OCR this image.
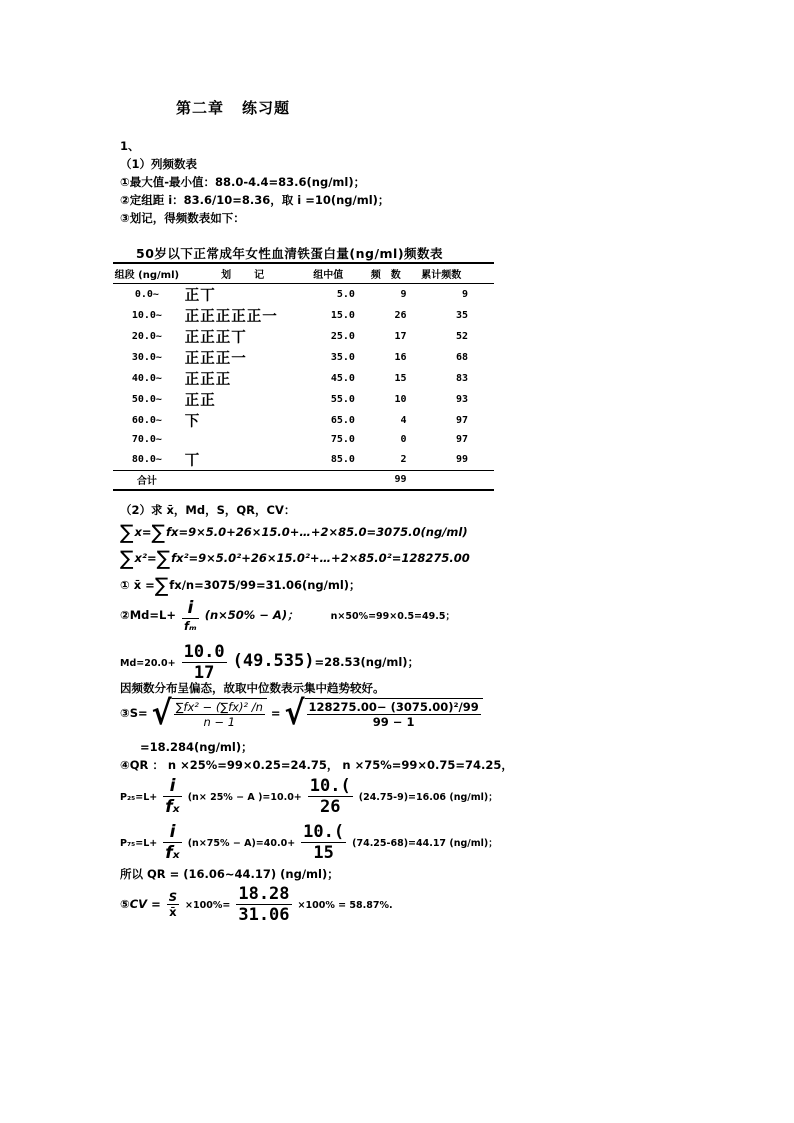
第二章 练习题
1、
（1）列频数表
①最大值-最小值：88.0-4.4=83.6(ng/ml)；
②定组距 i：83.6/10=8.36，取 i =10(ng/ml)；
③划记，得频数表如下：
50岁以下正常成年女性血清铁蛋白量(ng/ml)频数表
组段 (ng/ml)	划　　记	组中值	频　数	累计频数
0.0~	正丅	5.0	9	9
10.0~	正正正正正一	15.0	26	35
20.0~	正正正丅	25.0	17	52
30.0~	正正正一	35.0	16	68
40.0~	正正正	45.0	15	83
50.0~	正正	55.0	10	93
60.0~	下	65.0	4	97
70.0~		75.0	0	97
80.0~	丅	85.0	2	99
合计			99	
（2）求 x̄，Md，S，QR，CV：
∑x=∑fx=9×5.0+26×15.0+…+2×85.0=3075.0(ng/ml)
∑x²=∑fx²=9×5.0²+26×15.0²+…+2×85.0²=128275.00
① x̄ =∑fx/n=3075/99=31.06(ng/ml)；
②Md=L+ $\frac{i}{\text{fₘ}} (n\times 50\% - A)$；	n×50%=99×0.5=49.5；
$Md=20.0+ \frac{10.0}{17} (49.535)=28.53(ng/ml)$；
因频数分布呈偏态，故取中位数表示集中趋势较好。
③S= √ $\frac{\text{∑fx² − (∑fx)² /n}}{n - 1}$ = √ $\frac{\text{128275.00− (3075.00)²/99}}{99 - 1}$
=18.284(ng/ml)；
④QR ： n ×25%=99×0.25=24.75， n ×75%=99×0.75=74.25，
$P_{25}=L+ \frac{i}{\text{fₓ}} (n\times 25\% - A$ )$=10.0+ \frac{10.(}{26} (24.75-9)=16.06$ (ng/ml)；
$P_{75}=L+ \frac{i}{\text{fₓ}} (n\times 75\% - A)=40.0+ \frac{10.(}{15} (74.25-68)=44.17$ (ng/ml)；
所以 QR = (16.06~44.17) (ng/ml)；
⑤CV = $\frac{S}{x̄} \times 100\%= \frac{18.28}{31.06} \times 100\% = 58.87\%$.
